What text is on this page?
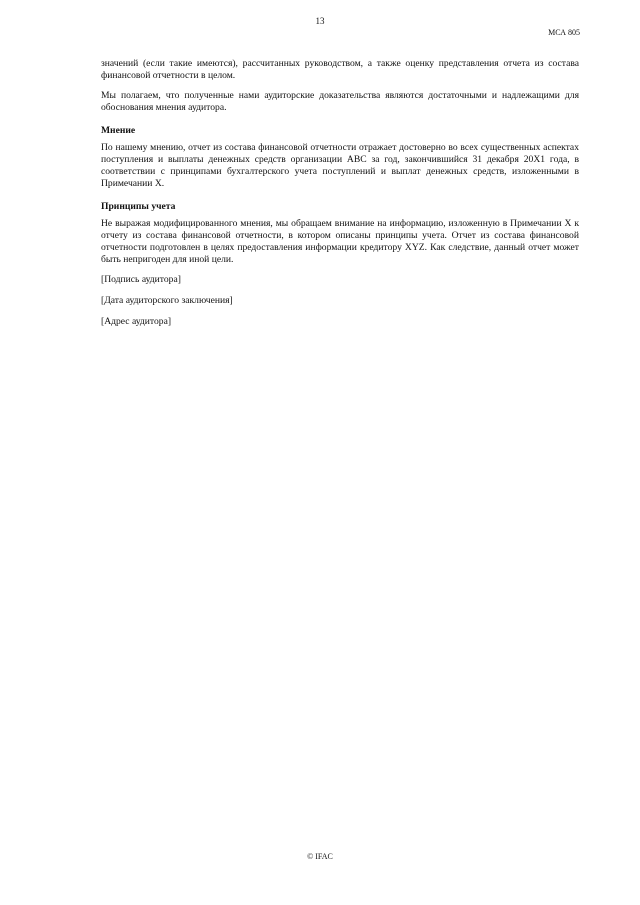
13
МСА 805

значений (если такие имеются), рассчитанных руководством, а также оценку представления отчета из состава финансовой отчетности в целом.

Мы полагаем, что полученные нами аудиторские доказательства являются достаточными и надлежащими для обоснования мнения аудитора.

Мнение

По нашему мнению, отчет из состава финансовой отчетности отражает достоверно во всех существенных аспектах поступления и выплаты денежных средств организации ABC за год, закончившийся 31 декабря 20X1 года, в соответствии с принципами бухгалтерского учета поступлений и выплат денежных средств, изложенными в Примечании X.

Принципы учета

Не выражая модифицированного мнения, мы обращаем внимание на информацию, изложенную в Примечании X к отчету из состава финансовой отчетности, в котором описаны принципы учета. Отчет из состава финансовой отчетности подготовлен в целях предоставления информации кредитору XYZ. Как следствие, данный отчет может быть непригоден для иной цели.

[Подпись аудитора]

[Дата аудиторского заключения]

[Адрес аудитора]

© IFAC
